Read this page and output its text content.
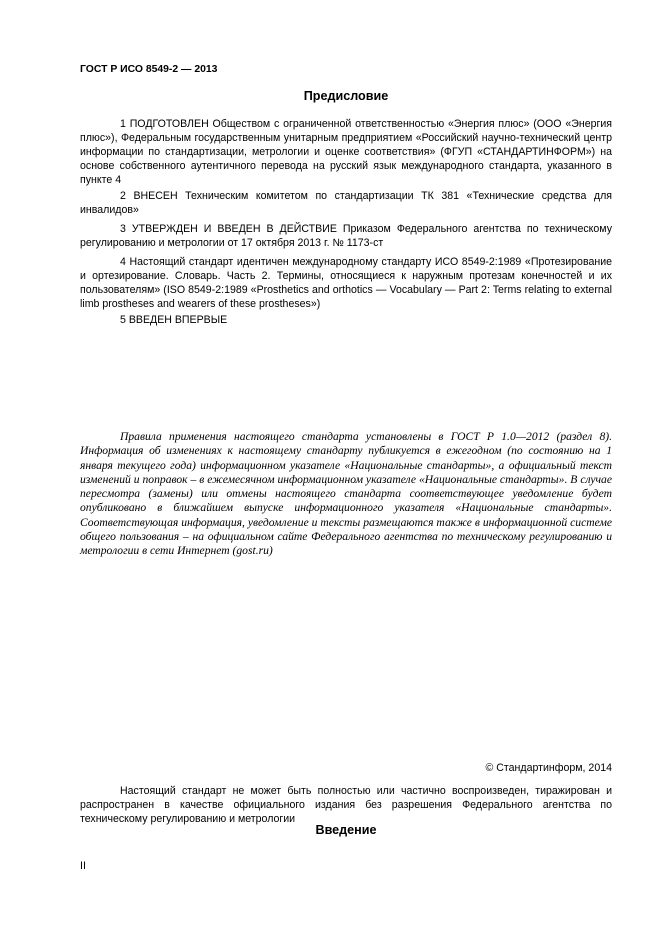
ГОСТ Р ИСО 8549-2 — 2013
Предисловие

1 ПОДГОТОВЛЕН Обществом с ограниченной ответственностью «Энергия плюс» (ООО «Энергия плюс»), Федеральным государственным унитарным предприятием «Российский научно-технический центр информации по стандартизации, метрологии и оценке соответствия» (ФГУП «СТАНДАРТИНФОРМ») на основе собственного аутентичного перевода на русский язык международного стандарта, указанного в пункте 4

2 ВНЕСЕН Техническим комитетом по стандартизации ТК 381 «Технические средства для инвалидов»

3 УТВЕРЖДЕН И ВВЕДЕН В ДЕЙСТВИЕ Приказом Федерального агентства по техническому регулированию и метрологии от 17 октября 2013 г. № 1173-ст

4 Настоящий стандарт идентичен международному стандарту ИСО 8549-2:1989 «Протезирование и ортезирование. Словарь. Часть 2. Термины, относящиеся к наружным протезам конечностей и их пользователям» (ISO 8549-2:1989 «Prosthetics and orthotics — Vocabulary — Part 2: Terms relating to external limb prostheses and wearers of these prostheses»)

5 ВВЕДЕН ВПЕРВЫЕ

Правила применения настоящего стандарта установлены в ГОСТ Р 1.0—2012 (раздел 8). Информация об изменениях к настоящему стандарту публикуется в ежегодном (по состоянию на 1 января текущего года) информационном указателе «Национальные стандарты», а официальный текст изменений и поправок – в ежемесячном информационном указателе «Национальные стандарты». В случае пересмотра (замены) или отмены настоящего стандарта соответствующее уведомление будет опубликовано в ближайшем выпуске информационного указателя «Национальные стандарты». Соответствующая информация, уведомление и тексты размещаются также в информационной системе общего пользования – на официальном сайте Федерального агентства по техническому регулированию и метрологии в сети Интернет (gost.ru)

© Стандартинформ, 2014

Настоящий стандарт не может быть полностью или частично воспроизведен, тиражирован и распространен в качестве официального издания без разрешения Федерального агентства по техническому регулированию и метрологии

Введение
II
